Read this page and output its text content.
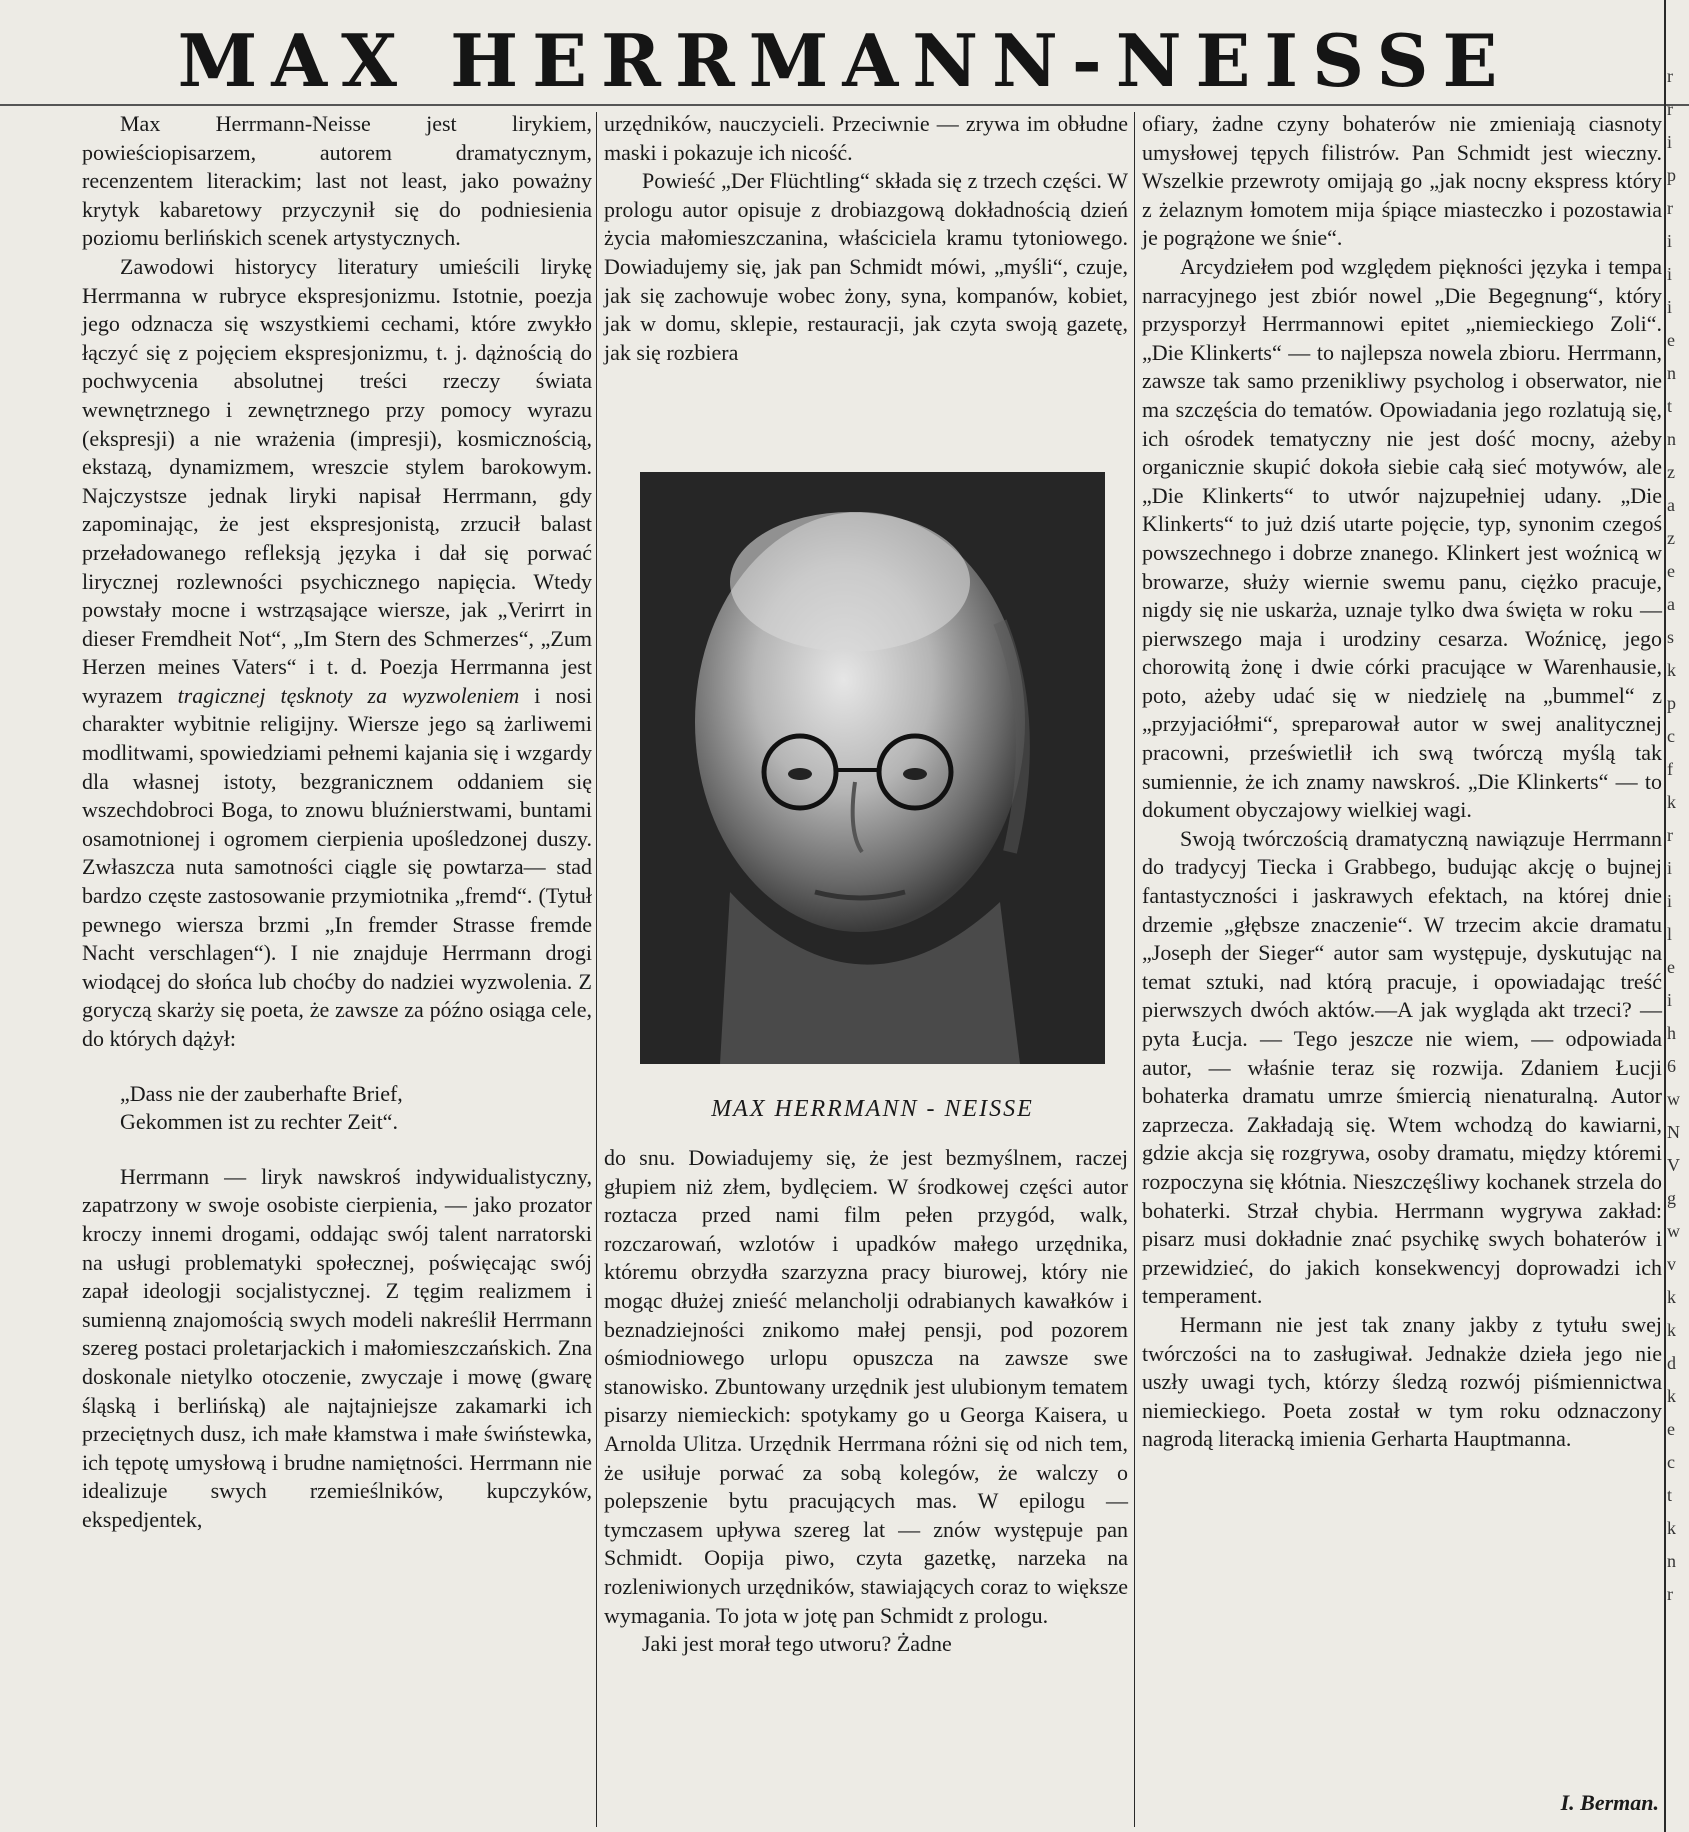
MAX HERRMANN-NEISSE

Max Herrmann-Neisse jest lirykiem, powieściopisarzem, autorem dramatycznym, recenzentem literackim; last not least, jako poważny krytyk kabaretowy przyczynił się do podniesienia poziomu berlińskich scenek artystycznych.

Zawodowi historycy literatury umieścili lirykę Herrmanna w rubryce ekspresjonizmu. Istotnie, poezja jego odznacza się wszystkiemi cechami, które zwykło łączyć się z pojęciem ekspresjonizmu, t. j. dążnością do pochwycenia absolutnej treści rzeczy świata wewnętrznego i zewnętrznego przy pomocy wyrazu (ekspresji) a nie wrażenia (impresji), kosmicznością, ekstazą, dynamizmem, wreszcie stylem barokowym. Najczystsze jednak liryki napisał Herrmann, gdy zapominając, że jest ekspresjonistą, zrzucił balast przeładowanego refleksją języka i dał się porwać lirycznej rozlewności psychicznego napięcia. Wtedy powstały mocne i wstrząsające wiersze, jak „Verirrt in dieser Fremdheit Not“, „Im Stern des Schmerzes“, „Zum Herzen meines Vaters“ i t. d. Poezja Herrmanna jest wyrazem tragicznej tęsknoty za wyzwoleniem i nosi charakter wybitnie religijny. Wiersze jego są żarliwemi modlitwami, spowiedziami pełnemi kajania się i wzgardy dla własnej istoty, bezgranicznem oddaniem się wszechdobroci Boga, to znowu bluźnierstwami, buntami osamotnionej i ogromem cierpienia upośledzonej duszy. Zwłaszcza nuta samotności ciągle się powtarza— stad bardzo częste zastosowanie przymiotnika „fremd“. (Tytuł pewnego wiersza brzmi „In fremder Strasse fremde Nacht verschlagen“). I nie znajduje Herrmann drogi wiodącej do słońca lub choćby do nadziei wyzwolenia. Z goryczą skarży się poeta, że zawsze za późno osiąga cele, do których dążył:

„Dass nie der zauberhafte Brief,
Gekommen ist zu rechter Zeit“.

Herrmann — liryk nawskroś indywidualistyczny, zapatrzony w swoje osobiste cierpienia, — jako prozator kroczy innemi drogami, oddając swój talent narratorski na usługi problematyki społecznej, poświęcając swój zapał ideologji socjalistycznej. Z tęgim realizmem i sumienną znajomością swych modeli nakreślił Herrmann szereg postaci proletarjackich i małomieszczańskich. Zna doskonale nietylko otoczenie, zwyczaje i mowę (gwarę śląską i berlińską) ale najtajniejsze zakamarki ich przeciętnych dusz, ich małe kłamstwa i małe świństewka, ich tępotę umysłową i brudne namiętności. Herrmann nie idealizuje swych rzemieślników, kupczyków, ekspedjentek,

urzędników, nauczycieli. Przeciwnie — zrywa im obłudne maski i pokazuje ich nicość.

Powieść „Der Flüchtling“ składa się z trzech części. W prologu autor opisuje z drobiazgową dokładnością dzień życia małomieszczanina, właściciela kramu tytoniowego. Dowiadujemy się, jak pan Schmidt mówi, „myśli“, czuje, jak się zachowuje wobec żony, syna, kompanów, kobiet, jak w domu, sklepie, restauracji, jak czyta swoją gazetę, jak się rozbiera

MAX HERRMANN - NEISSE

do snu. Dowiadujemy się, że jest bezmyślnem, raczej głupiem niż złem, bydlęciem. W środkowej części autor roztacza przed nami film pełen przygód, walk, rozczarowań, wzlotów i upadków małego urzędnika, któremu obrzydła szarzyzna pracy biurowej, który nie mogąc dłużej znieść melancholji odrabianych kawałków i beznadziejności znikomo małej pensji, pod pozorem ośmiodniowego urlopu opuszcza na zawsze swe stanowisko. Zbuntowany urzędnik jest ulubionym tematem pisarzy niemieckich: spotykamy go u Georga Kaisera, u Arnolda Ulitza. Urzędnik Herrmana różni się od nich tem, że usiłuje porwać za sobą kolegów, że walczy o polepszenie bytu pracujących mas. W epilogu — tymczasem upływa szereg lat — znów występuje pan Schmidt. Oopija piwo, czyta gazetkę, narzeka na rozleniwionych urzędników, stawiających coraz to większe wymagania. To jota w jotę pan Schmidt z prologu.

Jaki jest morał tego utworu? Żadne

ofiary, żadne czyny bohaterów nie zmieniają ciasnoty umysłowej tępych filistrów. Pan Schmidt jest wieczny. Wszelkie przewroty omijają go „jak nocny ekspress który z żelaznym łomotem mija śpiące miasteczko i pozostawia je pogrążone we śnie“.

Arcydziełem pod względem piękności języka i tempa narracyjnego jest zbiór nowel „Die Begegnung“, który przysporzył Herrmannowi epitet „niemieckiego Zoli“. „Die Klinkerts“ — to najlepsza nowela zbioru. Herrmann, zawsze tak samo przenikliwy psycholog i obserwator, nie ma szczęścia do tematów. Opowiadania jego rozlatują się, ich ośrodek tematyczny nie jest dość mocny, ażeby organicznie skupić dokoła siebie całą sieć motywów, ale „Die Klinkerts“ to utwór najzupełniej udany. „Die Klinkerts“ to już dziś utarte pojęcie, typ, synonim czegoś powszechnego i dobrze znanego. Klinkert jest woźnicą w browarze, służy wiernie swemu panu, ciężko pracuje, nigdy się nie uskarża, uznaje tylko dwa święta w roku — pierwszego maja i urodziny cesarza. Woźnicę, jego chorowitą żonę i dwie córki pracujące w Warenhausie, poto, ażeby udać się w niedzielę na „bummel“ z „przyjaciółmi“, spreparował autor w swej analitycznej pracowni, prześwietlił ich swą twórczą myślą tak sumiennie, że ich znamy nawskroś. „Die Klinkerts“ — to dokument obyczajowy wielkiej wagi.

Swoją twórczością dramatyczną nawiązuje Herrmann do tradycyj Tiecka i Grabbego, budując akcję o bujnej fantastyczności i jaskrawych efektach, na której dnie drzemie „głębsze znaczenie“. W trzecim akcie dramatu „Joseph der Sieger“ autor sam występuje, dyskutując na temat sztuki, nad którą pracuje, i opowiadając treść pierwszych dwóch aktów.—A jak wygląda akt trzeci? — pyta Łucja. — Tego jeszcze nie wiem, — odpowiada autor, — właśnie teraz się rozwija. Zdaniem Łucji bohaterka dramatu umrze śmiercią nienaturalną. Autor zaprzecza. Zakładają się. Wtem wchodzą do kawiarni, gdzie akcja się rozgrywa, osoby dramatu, między któremi rozpoczyna się kłótnia. Nieszczęśliwy kochanek strzela do bohaterki. Strzał chybia. Herrmann wygrywa zakład: pisarz musi dokładnie znać psychikę swych bohaterów i przewidzieć, do jakich konsekwencyj doprowadzi ich temperament.

Hermann nie jest tak znany jakby z tytułu swej twórczości na to zasługiwał. Jednakże dzieła jego nie uszły uwagi tych, którzy śledzą rozwój piśmiennictwa niemieckiego. Poeta został w tym roku odznaczony nagrodą literacką imienia Gerharta Hauptmanna.

I. Berman.
r
r
i
p
r
i
i
i
e
n
t
n
z
a
z
e
a
s
k
p
c
f
k
r
i
i
l
e
i
h
6
w
N
V
g
w
v
k
k
d
k
e
c
t
k
n
r
